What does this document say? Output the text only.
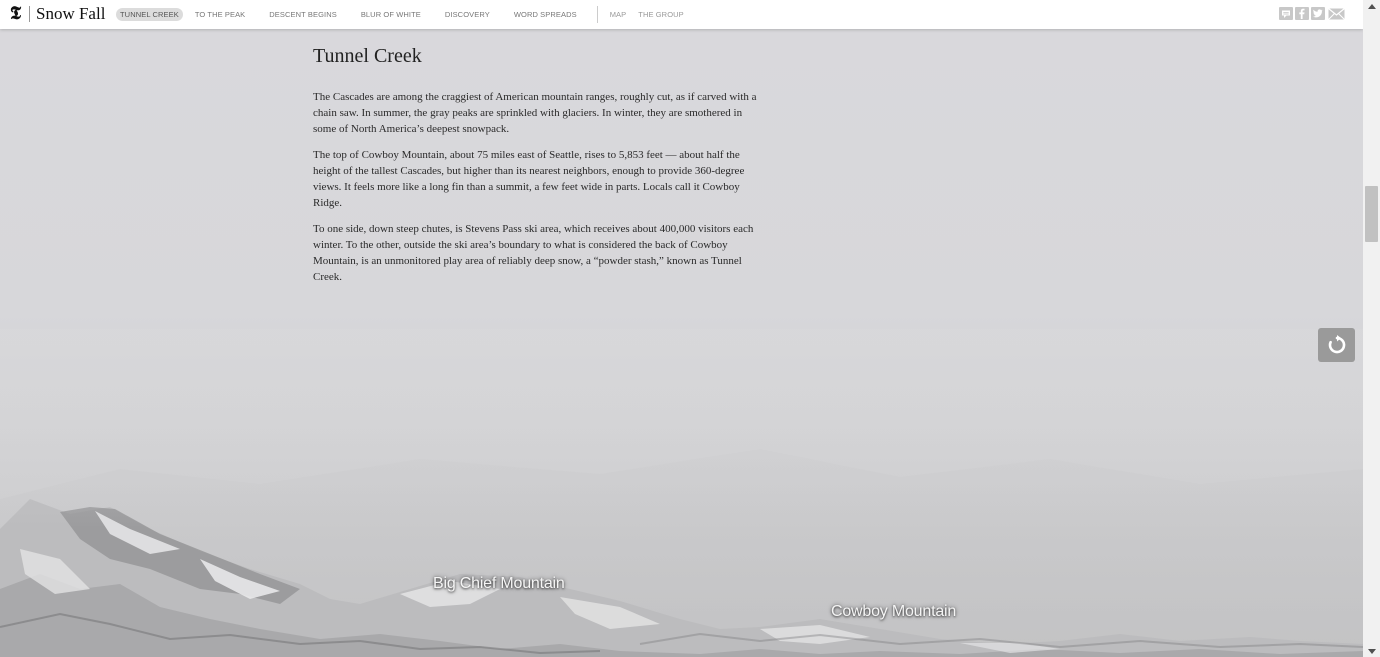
𝕿 Snow Fall	TUNNEL CREEK	TO THE PEAK	DESCENT BEGINS	BLUR OF WHITE	DISCOVERY	WORD SPREADS	MAP	THE GROUP
Tunnel Creek

The Cascades are among the craggiest of American mountain ranges, roughly cut, as if carved with a chain saw. In summer, the gray peaks are sprinkled with glaciers. In winter, they are smothered in some of North America’s deepest snowpack.

The top of Cowboy Mountain, about 75 miles east of Seattle, rises to 5,853 feet — about half the height of the tallest Cascades, but higher than its nearest neighbors, enough to provide 360-degree views. It feels more like a long fin than a summit, a few feet wide in parts. Locals call it Cowboy Ridge.

To one side, down steep chutes, is Stevens Pass ski area, which receives about 400,000 visitors each winter. To the other, outside the ski area’s boundary to what is considered the back of Cowboy Mountain, is an unmonitored play area of reliably deep snow, a “powder stash,” known as Tunnel Creek.

Big Chief Mountain
Cowboy Mountain
